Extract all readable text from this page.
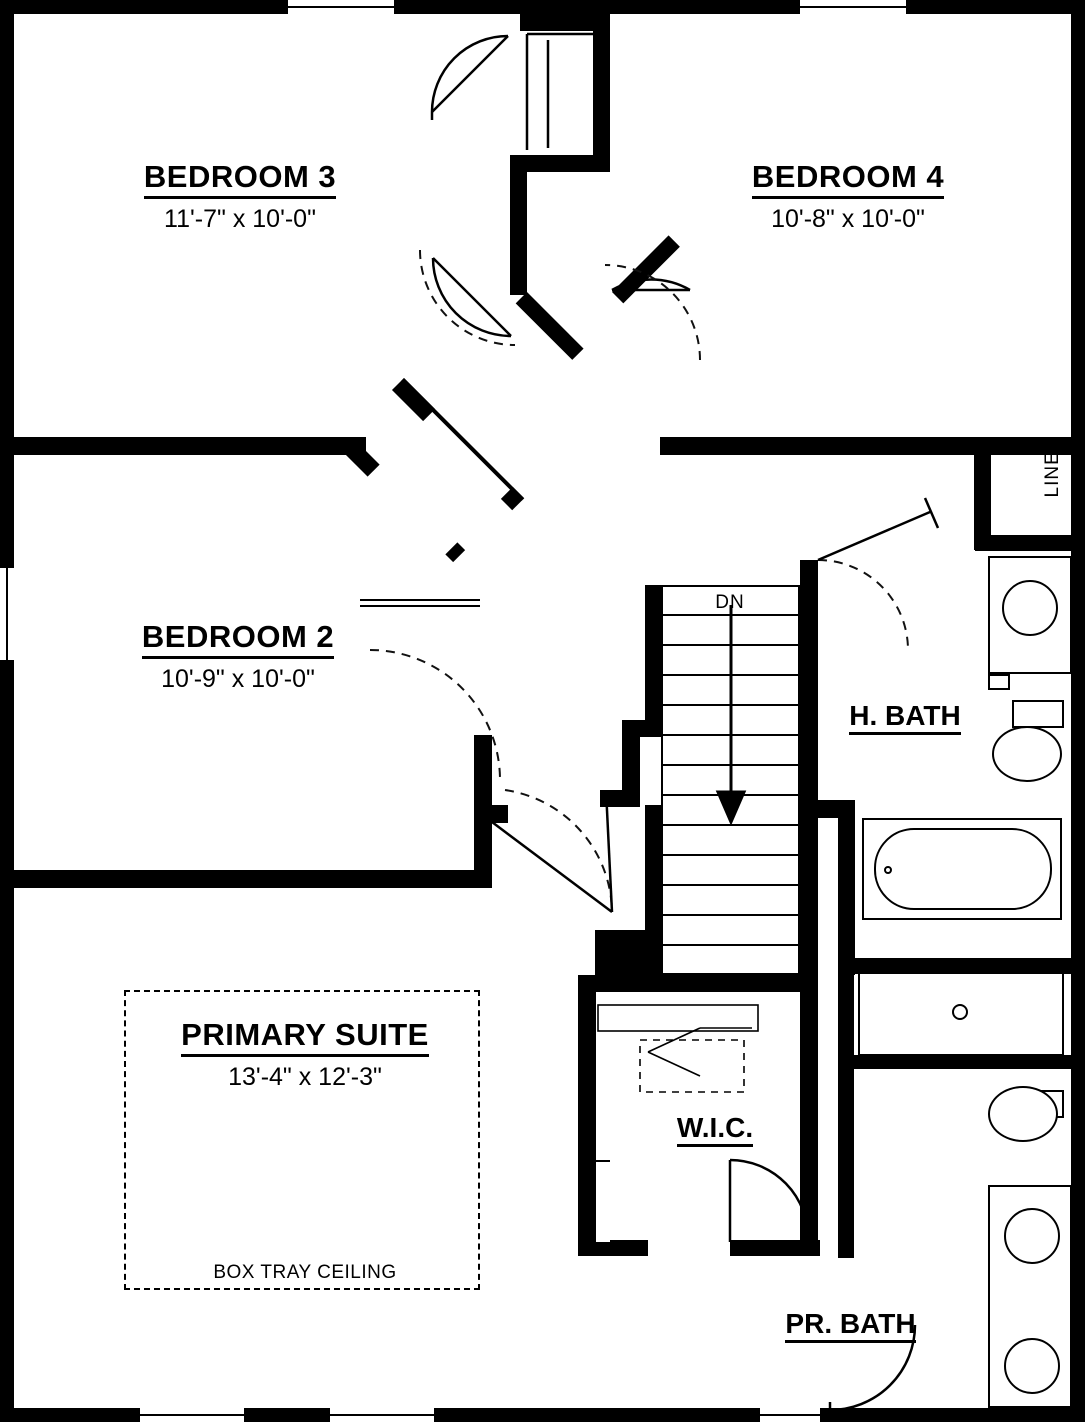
BEDROOM 3
11'-7" x 10'-0"
BEDROOM 4
10'-8" x 10'-0"
BEDROOM 2
10'-9" x 10'-0"
PRIMARY SUITE
13'-4" x 12'-3"
BOX TRAY CEILING
H. BATH
W.I.C.
PR. BATH
DN
LINEN
